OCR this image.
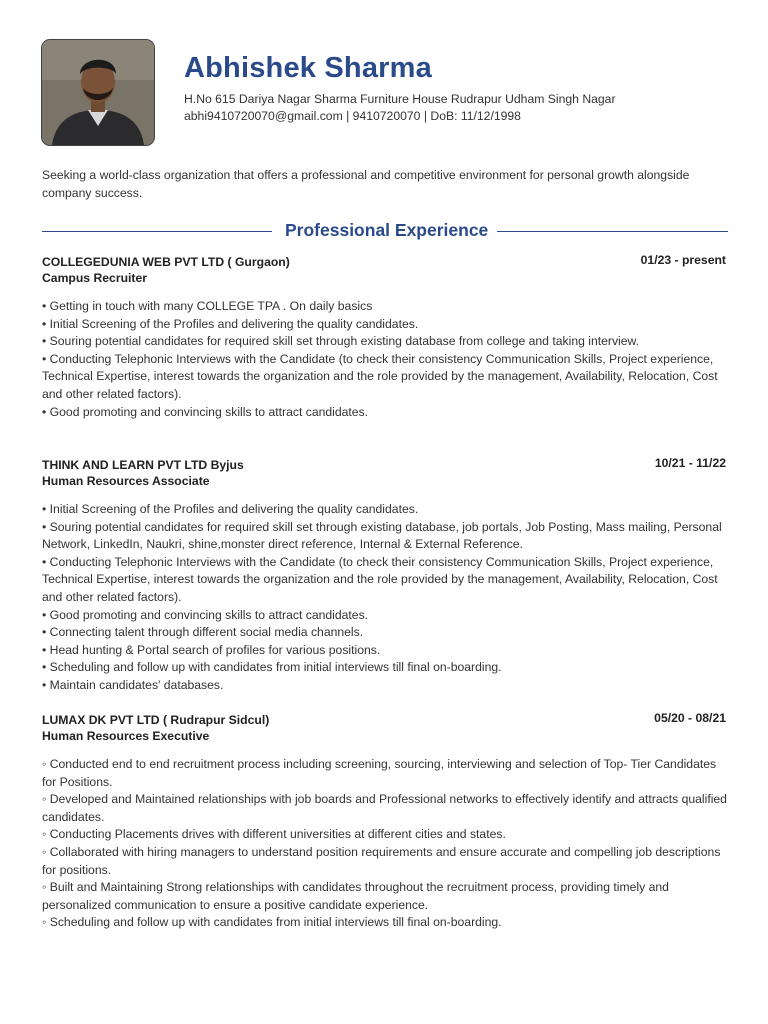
Abhishek Sharma
H.No 615 Dariya Nagar Sharma Furniture House Rudrapur Udham Singh Nagar
abhi9410720070@gmail.com | 9410720070 | DoB: 11/12/1998
Seeking a world-class organization that offers a professional and competitive environment for personal growth alongside company success.
Professional Experience
COLLEGEDUNIA WEB PVT LTD ( Gurgaon)	01/23 - present
Campus Recruiter
• Getting in touch with many COLLEGE TPA . On daily basics
• Initial Screening of the Profiles and delivering the quality candidates.
• Souring potential candidates for required skill set through existing database from college and taking interview.
• Conducting Telephonic Interviews with the Candidate (to check their consistency Communication Skills, Project experience, Technical Expertise, interest towards the organization and the role provided by the management, Availability, Relocation, Cost and other related factors).
• Good promoting and convincing skills to attract candidates.
THINK AND LEARN PVT LTD Byjus	10/21 - 11/22
Human Resources Associate
• Initial Screening of the Profiles and delivering the quality candidates.
• Souring potential candidates for required skill set through existing database, job portals, Job Posting, Mass mailing, Personal Network, LinkedIn, Naukri, shine,monster direct reference, Internal & External Reference.
• Conducting Telephonic Interviews with the Candidate (to check their consistency Communication Skills, Project experience, Technical Expertise, interest towards the organization and the role provided by the management, Availability, Relocation, Cost and other related factors).
• Good promoting and convincing skills to attract candidates.
• Connecting talent through different social media channels.
• Head hunting & Portal search of profiles for various positions.
• Scheduling and follow up with candidates from initial interviews till final on-boarding.
• Maintain candidates' databases.
LUMAX DK PVT LTD ( Rudrapur Sidcul)	05/20 - 08/21
Human Resources Executive
◦ Conducted end to end recruitment process including screening, sourcing, interviewing and selection of Top- Tier Candidates for Positions.
◦ Developed and Maintained relationships with job boards and Professional networks to effectively identify and attracts qualified candidates.
◦ Conducting Placements drives with different universities at different cities and states.
◦ Collaborated with hiring managers to understand position requirements and ensure accurate and compelling job descriptions for positions.
◦ Built and Maintaining Strong relationships with candidates throughout the recruitment process, providing timely and personalized communication to ensure a positive candidate experience.
◦ Scheduling and follow up with candidates from initial interviews till final on-boarding.
